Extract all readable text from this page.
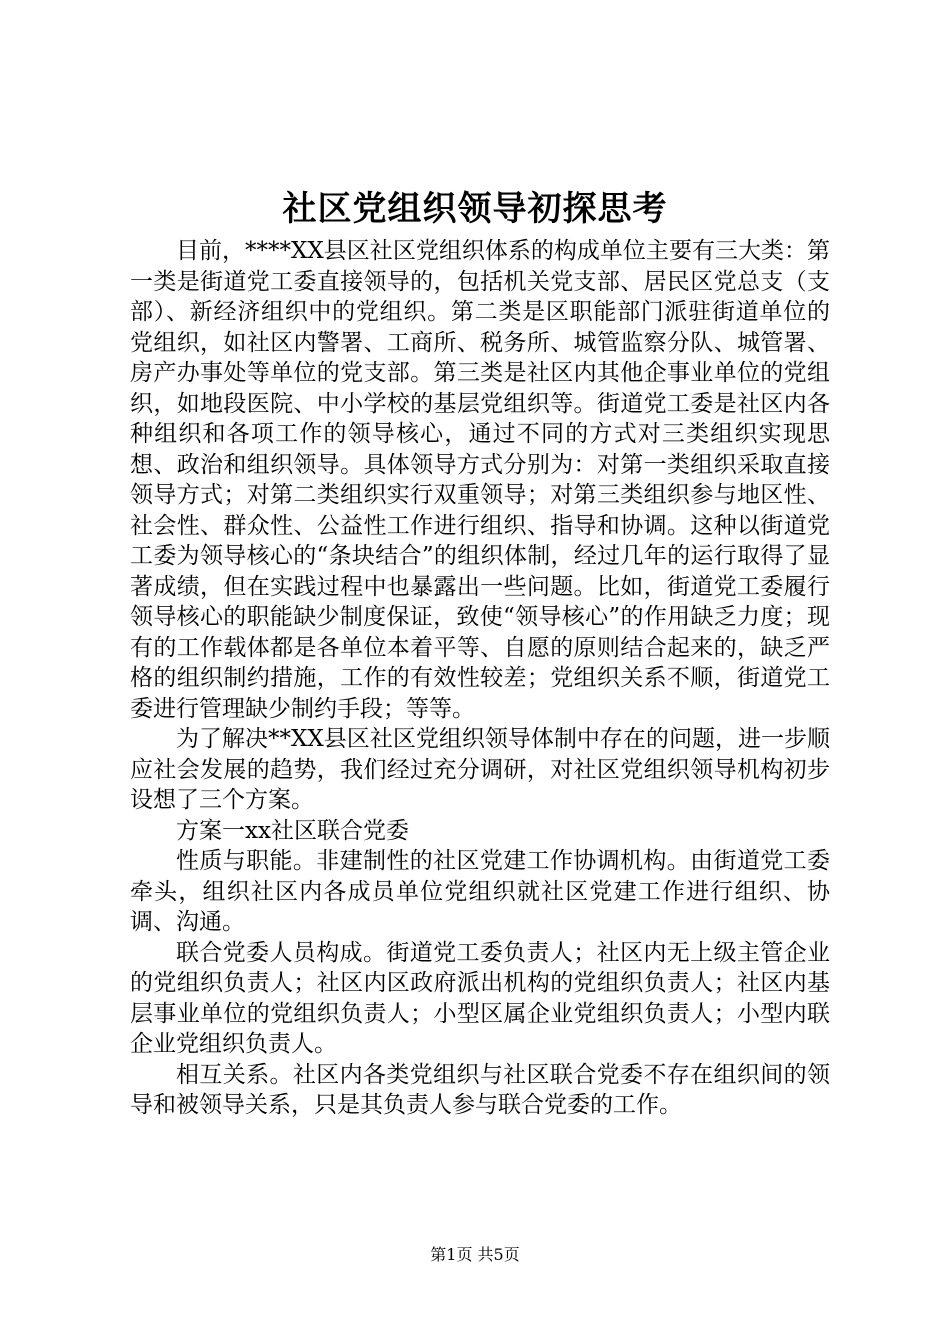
社区党组织领导初探思考

目前，****XX县区社区党组织体系的构成单位主要有三大类：第一类是街道党工委直接领导的，包括机关党支部、居民区党总支（支部）、新经济组织中的党组织。第二类是区职能部门派驻街道单位的党组织，如社区内警署、工商所、税务所、城管监察分队、城管署、房产办事处等单位的党支部。第三类是社区内其他企事业单位的党组织，如地段医院、中小学校的基层党组织等。街道党工委是社区内各种组织和各项工作的领导核心，通过不同的方式对三类组织实现思想、政治和组织领导。具体领导方式分别为：对第一类组织采取直接领导方式；对第二类组织实行双重领导；对第三类组织参与地区性、社会性、群众性、公益性工作进行组织、指导和协调。这种以街道党工委为领导核心的“条块结合”的组织体制，经过几年的运行取得了显著成绩，但在实践过程中也暴露出一些问题。比如，街道党工委履行领导核心的职能缺少制度保证，致使“领导核心”的作用缺乏力度；现有的工作载体都是各单位本着平等、自愿的原则结合起来的，缺乏严格的组织制约措施，工作的有效性较差；党组织关系不顺，街道党工委进行管理缺少制约手段；等等。

为了解决**XX县区社区党组织领导体制中存在的问题，进一步顺应社会发展的趋势，我们经过充分调研，对社区党组织领导机构初步设想了三个方案。

方案一xx社区联合党委

性质与职能。非建制性的社区党建工作协调机构。由街道党工委牵头，组织社区内各成员单位党组织就社区党建工作进行组织、协调、沟通。

联合党委人员构成。街道党工委负责人；社区内无上级主管企业的党组织负责人；社区内区政府派出机构的党组织负责人；社区内基层事业单位的党组织负责人；小型区属企业党组织负责人；小型内联企业党组织负责人。

相互关系。社区内各类党组织与社区联合党委不存在组织间的领导和被领导关系，只是其负责人参与联合党委的工作。

第1页 共5页
